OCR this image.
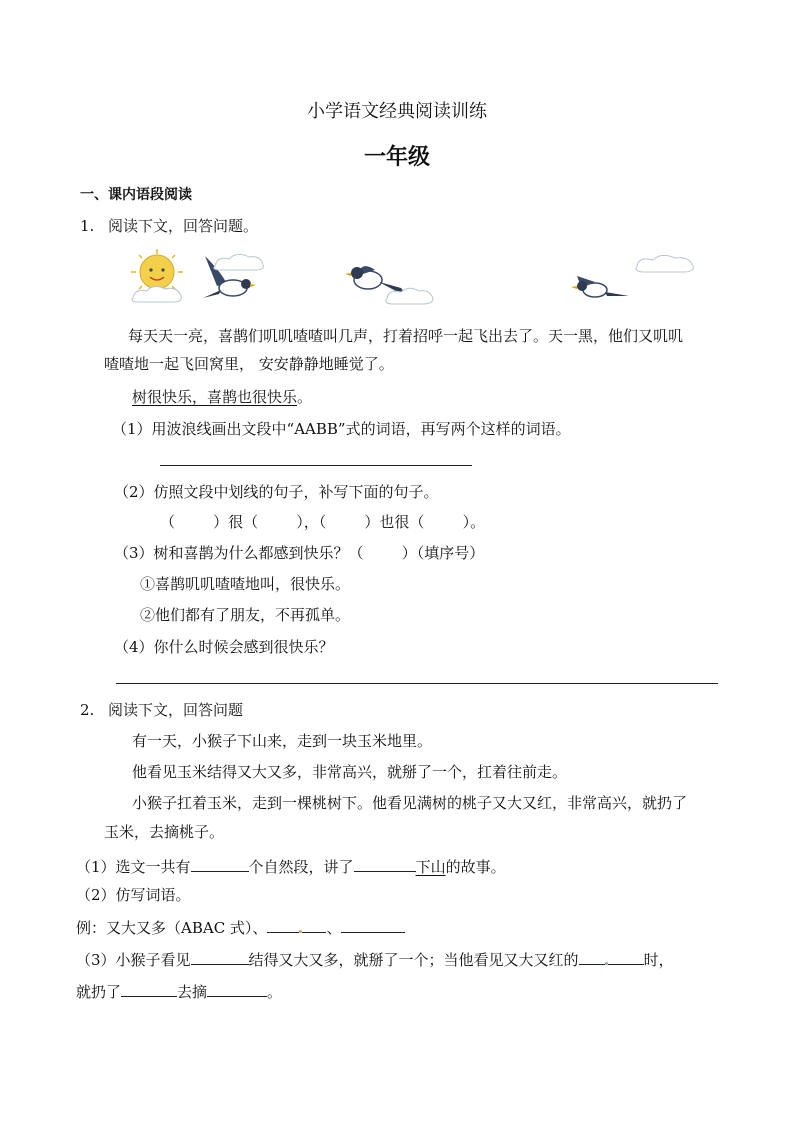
小学语文经典阅读训练
一年级
一、课内语段阅读
1. 阅读下文，回答问题。
每天天一亮，喜鹊们叽叽喳喳叫几声，打着招呼一起飞出去了。天一黑，他们又叽叽
喳喳地一起飞回窝里， 安安静静地睡觉了。
树很快乐，喜鹊也很快乐。
（1）用波浪线画出文段中“AABB”式的词语，再写两个这样的词语。
（2）仿照文段中划线的句子，补写下面的句子。
（        ）很（        ），（        ）也很（        ）。
（3）树和喜鹊为什么都感到快乐？（        ）（填序号）
①喜鹊叽叽喳喳地叫，很快乐。
②他们都有了朋友，不再孤单。
（4）你什么时候会感到很快乐？
2. 阅读下文，回答问题
有一天，小猴子下山来，走到一块玉米地里。
他看见玉米结得又大又多，非常高兴，就掰了一个，扛着往前走。
小猴子扛着玉米，走到一棵桃树下。他看见满树的桃子又大又红，非常高兴，就扔了
玉米，去摘桃子。
（1）选文一共有	个自然段，讲了	下山的故事。
（2）仿写词语。
例：又大又多（ABAC 式）、	、
（3）小猴子看见	结得又大又多，就掰了一个；当他看见又大又红的	时，
就扔了	去摘	。
